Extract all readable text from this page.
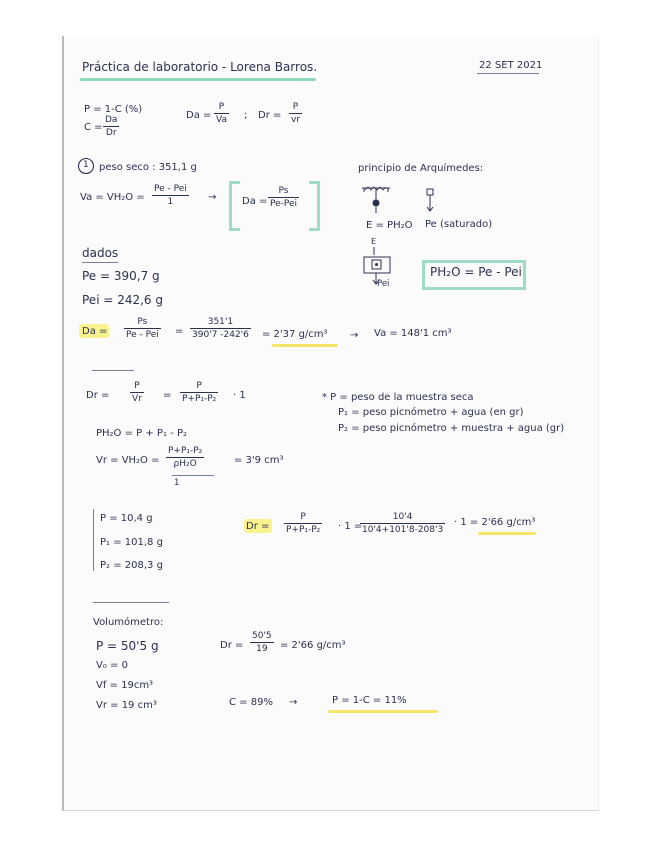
Práctica de laboratorio - Lorena Barros.	22 SET 2021
P = 1-C (%)
C =
Da
Dr
Da =
P
Va ; Dr =
P
vr
1 peso seco : 351,1 g
Va = VH₂O =
Pe - Pei
1	→	Da =
Ps
Pe-Pei
principio de Arquímedes:
E = PH₂O Pe (saturado)
E
Pei
PH₂O = Pe - Pei
dados
Pe = 390,7 g
Pei = 242,6 g
Da =
Ps
Pe - Pei =
351'1
390'7 -242'6 = 2'37 g/cm³ → Va = 148'1 cm³
Dr =
P
Vr =
P
P+P₁-P₂ · 1	* P = peso de la muestra seca
P₁ = peso picnómetro + agua (en gr)
P₂ = peso picnómetro + muestra + agua (gr)
PH₂O = P + P₁ - P₂
Vr = VH₂O =
P+P₁-P₂
ρH₂O
1
= 3'9 cm³
P = 10,4 g
P₁ = 101,8 g
P₂ = 208,3 g
Dr =
P
P+P₁-P₂ · 1 =
10'4
10'4+101'8-208'3
· 1 = 2'66 g/cm³
Volumómetro:
P = 50'5 g
V₀ = 0
Vf = 19cm³
Vr = 19 cm³
Dr =
50'5
19 = 2'66 g/cm³
C = 89% →	P = 1-C = 11%
